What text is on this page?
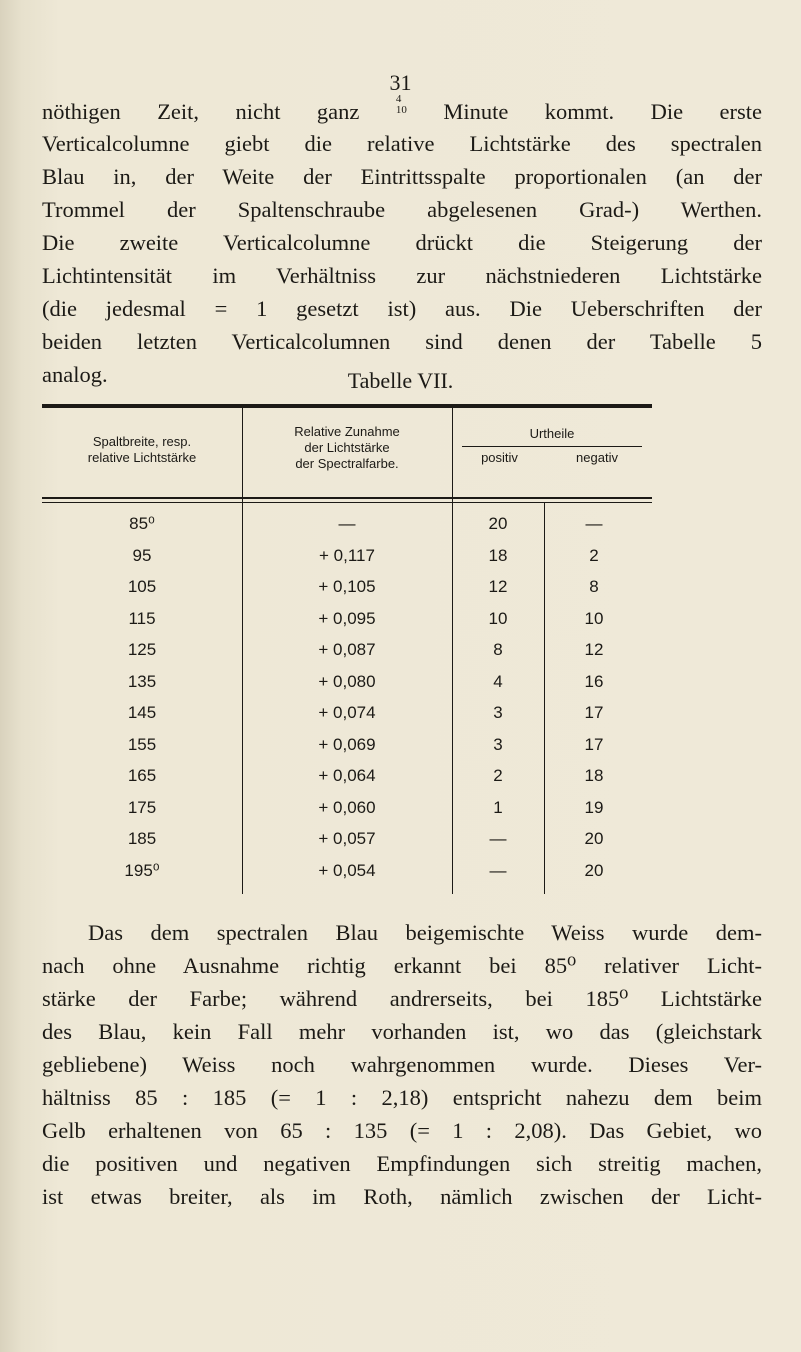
31
nöthigen Zeit, nicht ganz	4
10 Minute kommt. Die erste
Verticalcolumne giebt die relative Lichtstärke des spectralen
Blau in, der Weite der Eintrittsspalte proportionalen (an der
Trommel der Spaltenschraube abgelesenen Grad-) Werthen.
Die zweite Verticalcolumne drückt die Steigerung der
Lichtintensität im Verhältniss zur nächstniederen Lichtstärke
(die jedesmal = 1 gesetzt ist) aus. Die Ueberschriften der
beiden letzten Verticalcolumnen sind denen der Tabelle 5
analog.	Tabelle VII.
Spaltbreite, resp.
relative Lichtstärke
Relative Zunahme
der Lichtstärke
der Spectralfarbe.
Urtheile
positiv	negativ
85⁰	—	20	—
95	+ 0,117	18	2
105	+ 0,105	12	8
115	+ 0,095	10	10
125	+ 0,087	8	12
135	+ 0,080	4	16
145	+ 0,074	3	17
155	+ 0,069	3	17
165	+ 0,064	2	18
175	+ 0,060	1	19
185	+ 0,057	—	20
195⁰	+ 0,054	—	20
Das dem spectralen Blau beigemischte Weiss wurde dem-
nach ohne Ausnahme richtig erkannt bei 85⁰ relativer Licht-
stärke der Farbe; während andrerseits, bei 185⁰ Lichtstärke
des Blau, kein Fall mehr vorhanden ist, wo das (gleichstark
gebliebene) Weiss noch wahrgenommen wurde. Dieses Ver-
hältniss 85 : 185 (= 1 : 2,18) entspricht nahezu dem beim
Gelb erhaltenen von 65 : 135 (= 1 : 2,08). Das Gebiet, wo
die positiven und negativen Empfindungen sich streitig machen,
ist etwas breiter, als im Roth, nämlich zwischen der Licht-
